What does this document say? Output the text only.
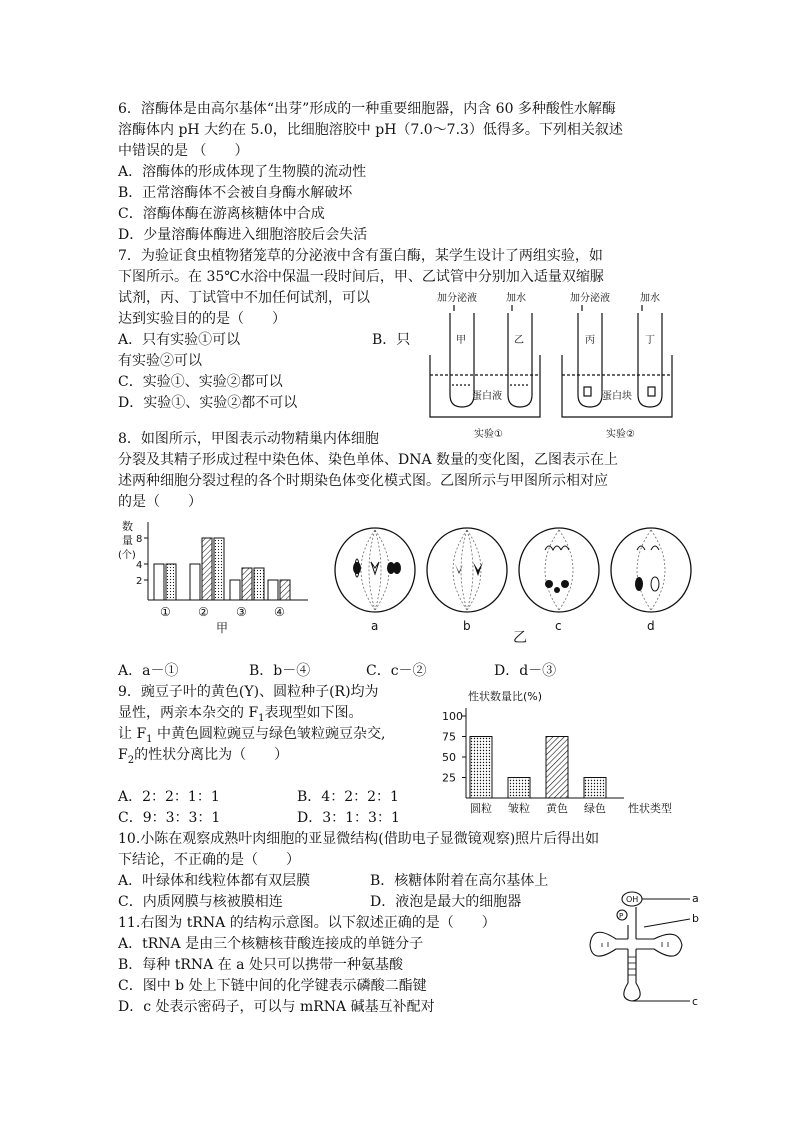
6．溶酶体是由高尔基体“出芽”形成的一种重要细胞器，内含 60 多种酸性水解酶
溶酶体内 pH 大约在 5.0，比细胞溶胶中 pH（7.0～7.3）低得多。下列相关叙述
中错误的是 （　　）
A．溶酶体的形成体现了生物膜的流动性
B．正常溶酶体不会被自身酶水解破坏
C．溶酶体酶在游离核糖体中合成
D．少量溶酶体酶进入细胞溶胶后会失活
7．为验证食虫植物猪笼草的分泌液中含有蛋白酶，某学生设计了两组实验，如
下图所示。在 35℃水浴中保温一段时间后，甲、乙试管中分别加入适量双缩脲
试剂，丙、丁试管中不加任何试剂，可以
达到实验目的的是（　　）
A．只有实验①可以	B．只
有实验②可以
C．实验①、实验②都可以
D．实验①、实验②都不可以
加分泌液	加水	加分泌液	加水
甲	乙
蛋白液
实验①
丙	丁
蛋白块
实验②
8．如图所示，甲图表示动物精巢内体细胞
分裂及其精子形成过程中染色体、染色单体、DNA 数量的变化图，乙图表示在上
述两种细胞分裂过程的各个时期染色体变化模式图。乙图所示与甲图所示相对应
的是（　　）
数
量
(个)
8
4
2
① ② ③ ④
甲	a	b	c	d
乙
A．a－①	B．b－④	C．c－②	D．d－③
9．豌豆子叶的黄色(Y)、圆粒种子(R)均为
显性，两亲本杂交的 $F_1$表现型如下图。
让 $F_1$ 中黄色圆粒豌豆与绿色皱粒豌豆杂交,
$F_2$的性状分离比为（　　）
A．2：2：1：1	B．4：2：2：1
C．9：3：3：1	D．3：1：3：1
性状数量比(%)
100
75
50
25
圆粒 皱粒 黄色 绿色 性状类型
10.小陈在观察成熟叶肉细胞的亚显微结构(借助电子显微镜观察)照片后得出如
下结论，不正确的是（　　）
A．叶绿体和线粒体都有双层膜	B．核糖体附着在高尔基体上
C．内质网膜与核被膜相连	D．液泡是最大的细胞器
11.右图为 tRNA 的结构示意图。以下叙述正确的是（　　）
A．tRNA 是由三个核糖核苷酸连接成的单链分子
B．每种 tRNA 在 a 处只可以携带一种氨基酸
C．图中 b 处上下链中间的化学键表示磷酸二酯键
D．c 处表示密码子，可以与 mRNA 碱基互补配对
OH
P
a
b
c
